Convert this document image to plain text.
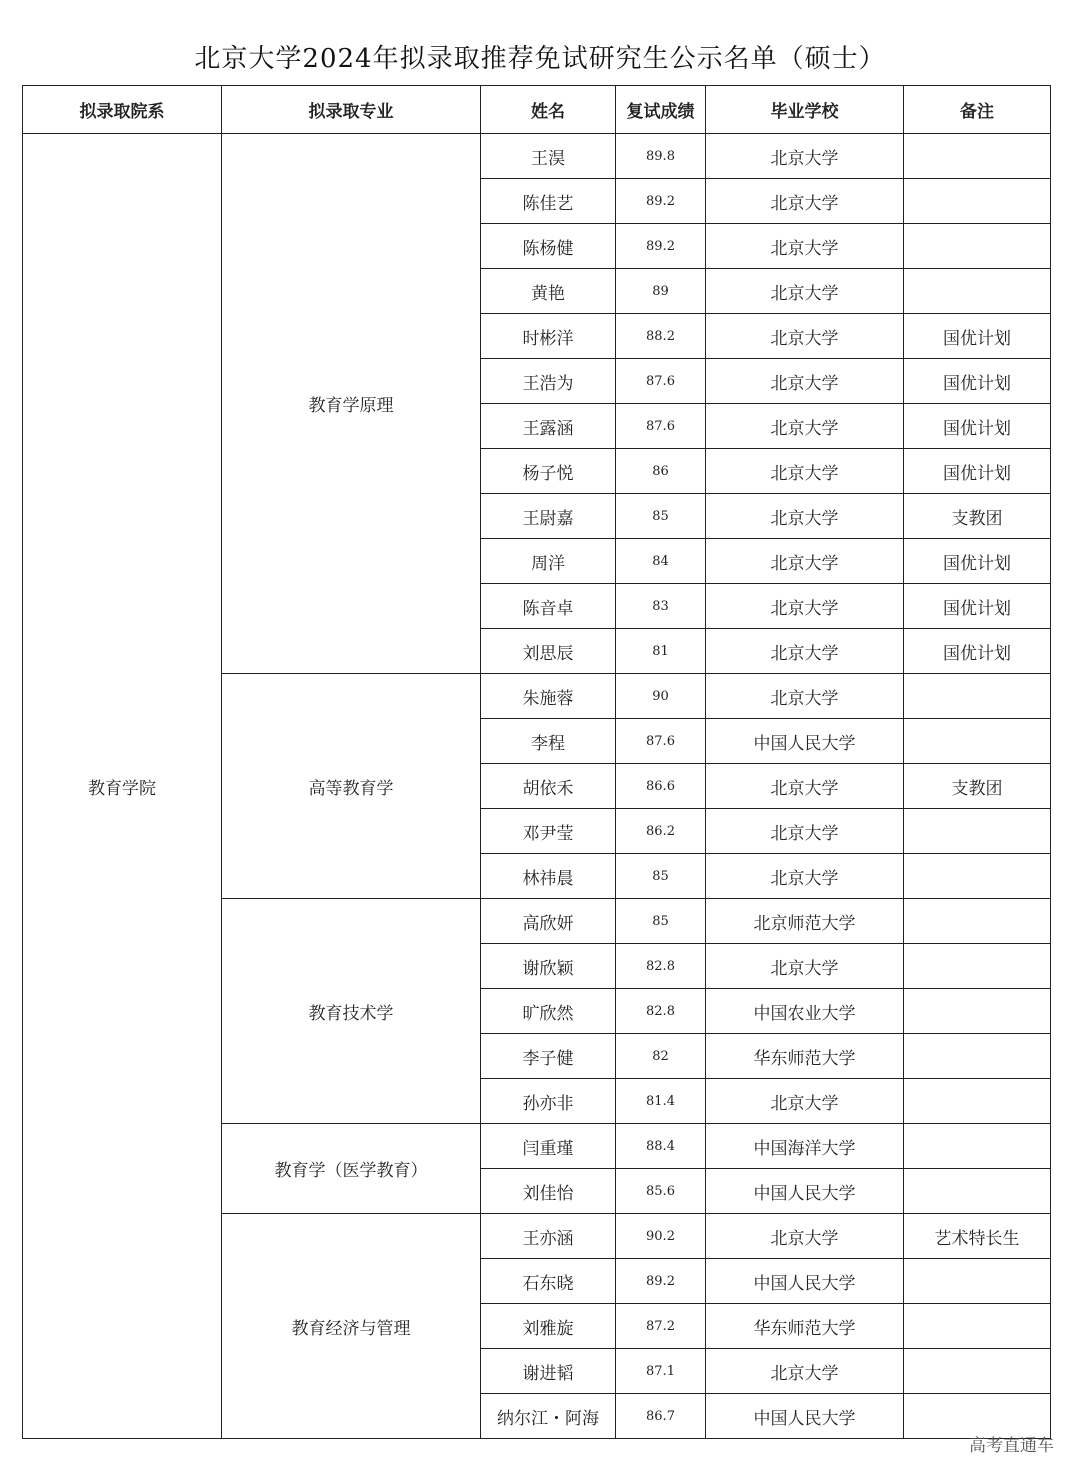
北京大学2024年拟录取推荐免试研究生公示名单（硕士）
拟录取院系	拟录取专业	姓名	复试成绩	毕业学校	备注
教育学院	教育学原理	王淏	89.8	北京大学	
		陈佳艺	89.2	北京大学	
		陈杨健	89.2	北京大学	
		黄艳	89	北京大学	
		时彬洋	88.2	北京大学	国优计划
		王浩为	87.6	北京大学	国优计划
		王露涵	87.6	北京大学	国优计划
		杨子悦	86	北京大学	国优计划
		王尉嘉	85	北京大学	支教团
		周洋	84	北京大学	国优计划
		陈音卓	83	北京大学	国优计划
		刘思辰	81	北京大学	国优计划
	高等教育学	朱施蓉	90	北京大学	
		李程	87.6	中国人民大学	
		胡依禾	86.6	北京大学	支教团
		邓尹莹	86.2	北京大学	
		林祎晨	85	北京大学	
	教育技术学	高欣妍	85	北京师范大学	
		谢欣颖	82.8	北京大学	
		旷欣然	82.8	中国农业大学	
		李子健	82	华东师范大学	
		孙亦非	81.4	北京大学	
	教育学（医学教育）	闫重瑾	88.4	中国海洋大学	
		刘佳怡	85.6	中国人民大学	
	教育经济与管理	王亦涵	90.2	北京大学	艺术特长生
		石东晓	89.2	中国人民大学	
		刘雅旋	87.2	华东师范大学	
		谢进韬	87.1	北京大学	
		纳尔江・阿海	86.7	中国人民大学	
高考直通车
